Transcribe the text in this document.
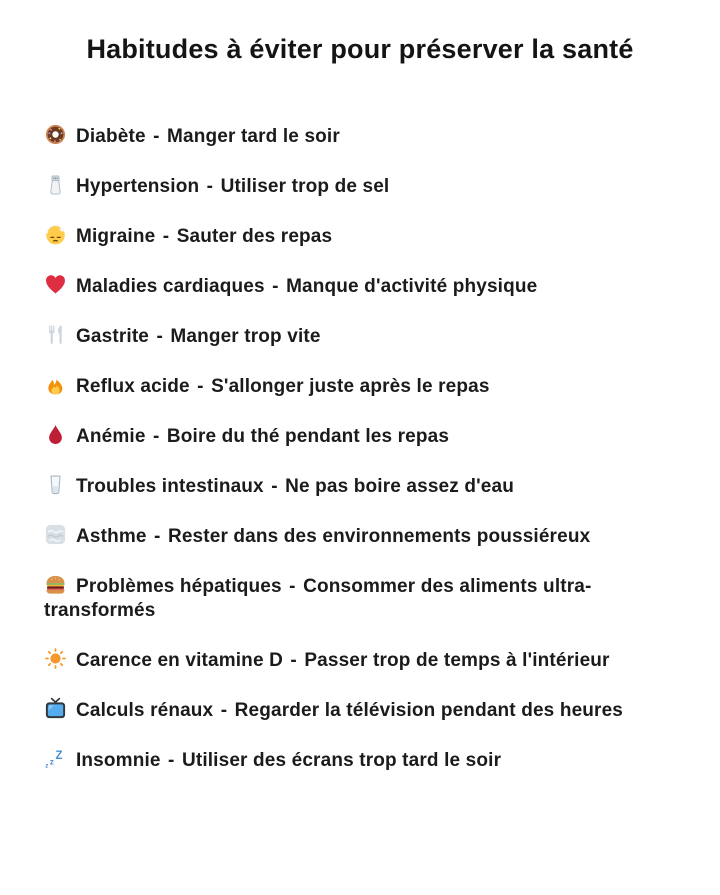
Habitudes à éviter pour préserver la santé
Diabète - Manger tard le soir
Hypertension - Utiliser trop de sel
Migraine - Sauter des repas
Maladies cardiaques - Manque d'activité physique
Gastrite - Manger trop vite
Reflux acide - S'allonger juste après le repas
Anémie - Boire du thé pendant les repas
Troubles intestinaux - Ne pas boire assez d'eau
Asthme - Rester dans des environnements poussiéreux
Problèmes hépatiques - Consommer des aliments ultra-transformés
Carence en vitamine D - Passer trop de temps à l'intérieur
Calculs rénaux - Regarder la télévision pendant des heures
z z Z Insomnie - Utiliser des écrans trop tard le soir
